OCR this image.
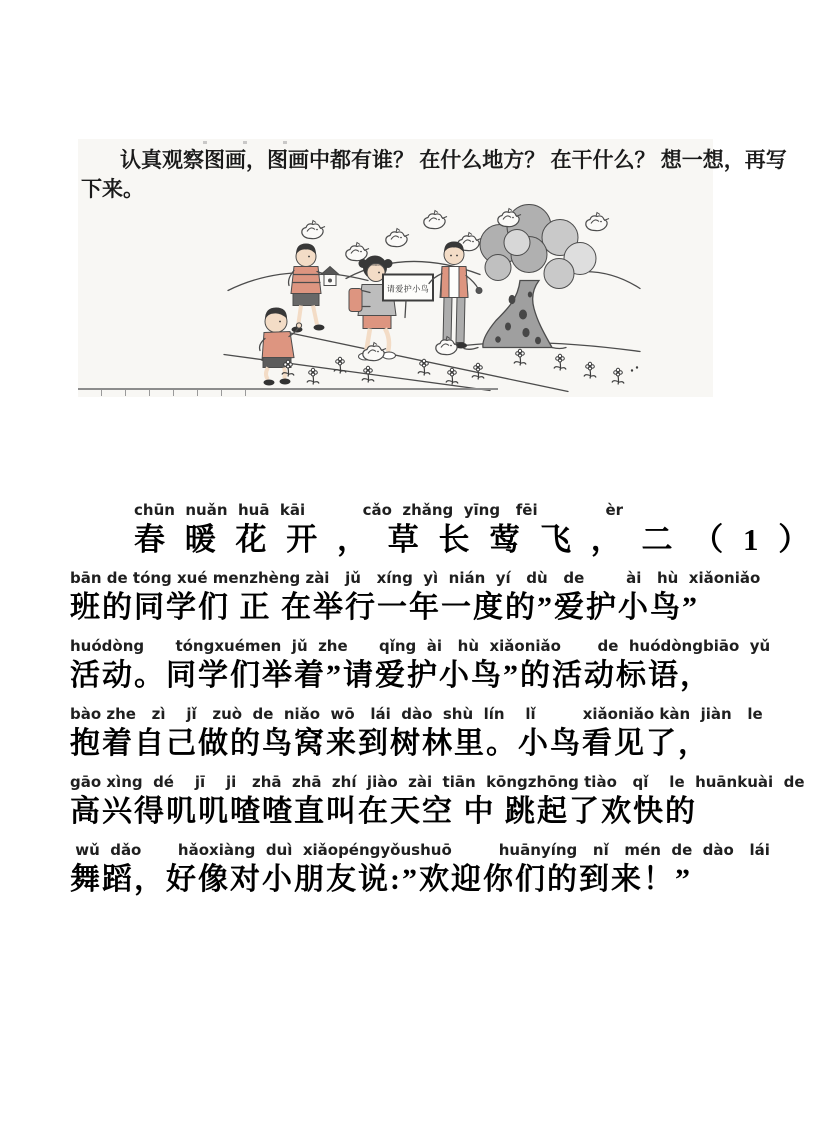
认真观察图画，图画中都有谁？ 在什么地方？ 在干什么？ 想一想，再写
下来。
请爱护小鸟
chūn  nuǎn  huā  kāi           cǎo  zhǎng  yīng   fēi             èr
春 暖 花 开 ， 草 长 莺 飞 ， 二 （ 1 ）
bān de tóng xué menzhèng zài   jǔ   xíng  yì  nián  yí   dù   de        ài   hù  xiǎoniǎo
班的同学们 正 在举行一年一度的”爱护小鸟”
huódòng      tóngxuémen  jǔ  zhe      qǐng  ài   hù  xiǎoniǎo       de  huódòngbiāo  yǔ
活动。同学们举着”请爱护小鸟”的活动标语，
bào zhe   zì    jǐ   zuò  de  niǎo  wō   lái  dào  shù  lín    lǐ         xiǎoniǎo kàn  jiàn   le
抱着自己做的鸟窝来到树林里。小鸟看见了，
gāo xìng  dé    jī    ji   zhā  zhā  zhí  jiào  zài  tiān  kōngzhōng tiào   qǐ    le  huānkuài  de
高兴得叽叽喳喳直叫在天空 中 跳起了欢快的
wǔ  dǎo       hǎoxiàng  duì  xiǎopéngyǒushuō         huānyíng   nǐ   mén  de  dào   lái
舞蹈，好像对小朋友说:”欢迎你们的到来！”
